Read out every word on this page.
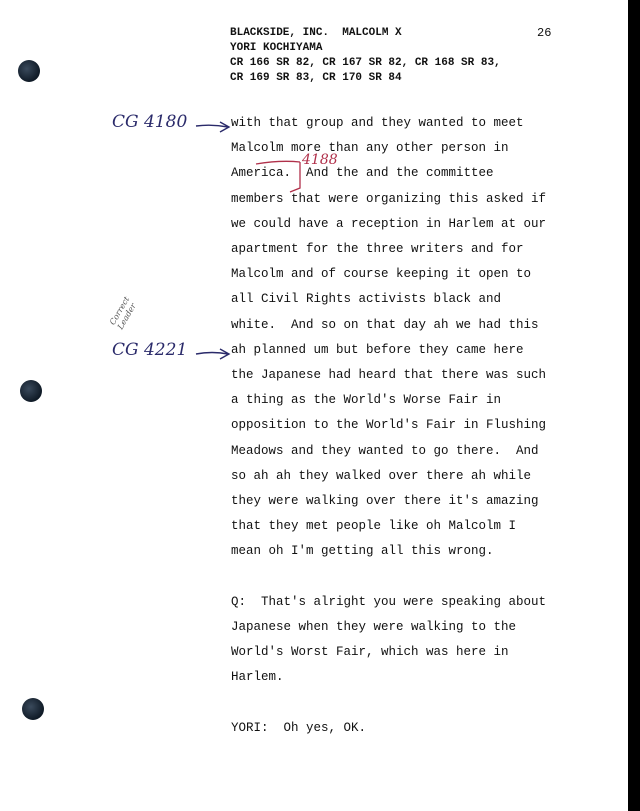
BLACKSIDE, INC.  MALCOLM X
YORI KOCHIYAMA
CR 166 SR 82, CR 167 SR 82, CR 168 SR 83,
CR 169 SR 83, CR 170 SR 84
26
with that group and they wanted to meet
Malcolm more than any other person in
America.  And the and the committee
members that were organizing this asked if
we could have a reception in Harlem at our
apartment for the three writers and for
Malcolm and of course keeping it open to
all Civil Rights activists black and
white.  And so on that day ah we had this
ah planned um but before they came here
the Japanese had heard that there was such
a thing as the World's Worse Fair in
opposition to the World's Fair in Flushing
Meadows and they wanted to go there.  And
so ah ah they walked over there ah while
they were walking over there it's amazing
that they met people like oh Malcolm I
mean oh I'm getting all this wrong.
Q:  That's alright you were speaking about
Japanese when they were walking to the
World's Worst Fair, which was here in
Harlem.
YORI:  Oh yes, OK.
CG 4180
CG 4221
4188
Correct
Leader
